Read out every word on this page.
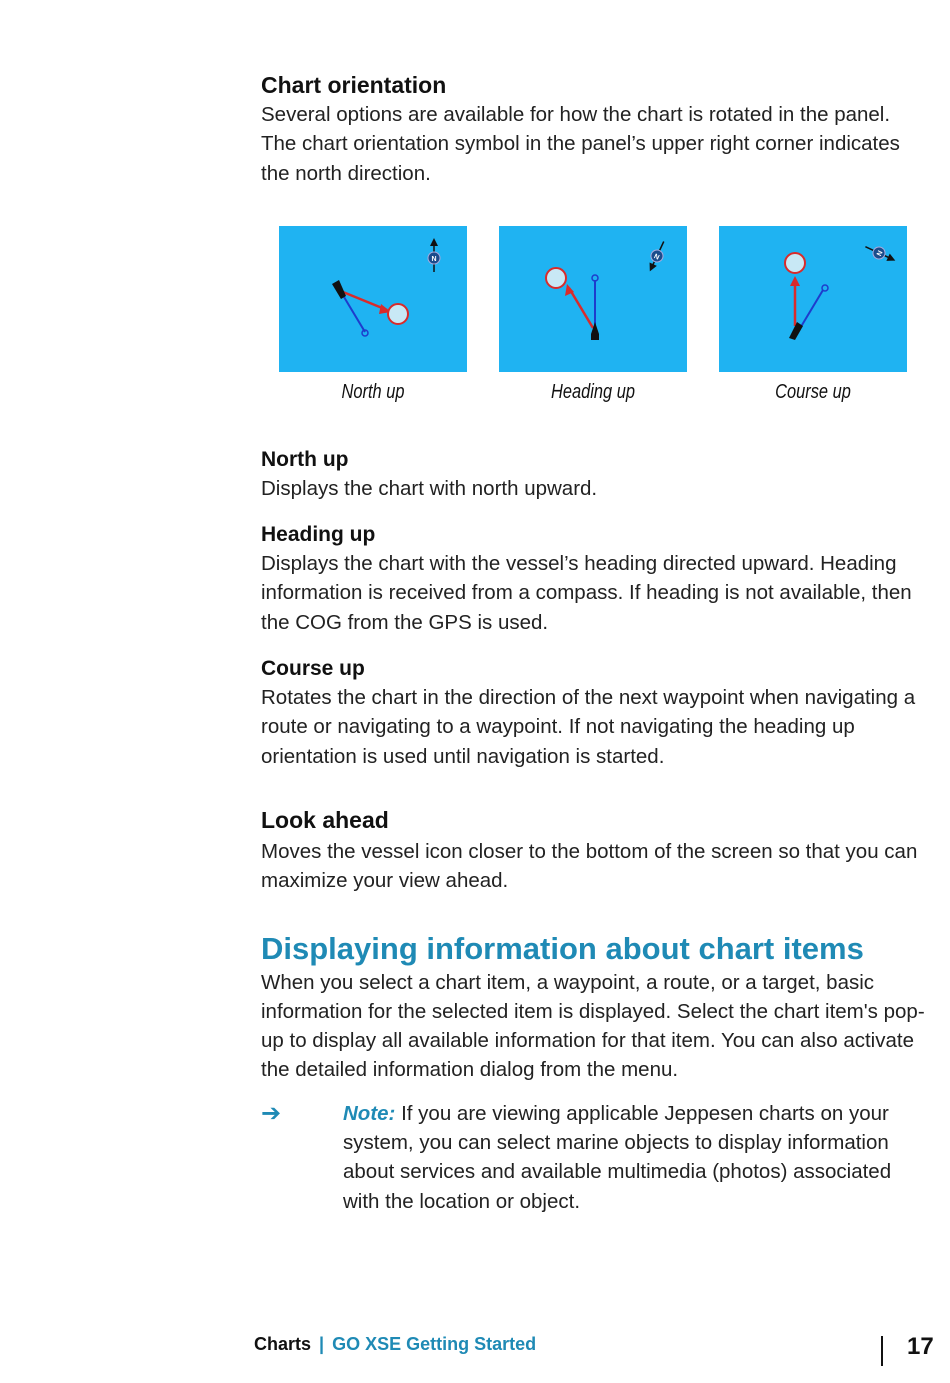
Chart orientation

Several options are available for how the chart is rotated in the panel. The chart orientation symbol in the panel’s upper right corner indicates the north direction.

N
North up
N
Heading up
N
Course up
North up

Displays the chart with north upward.

Heading up

Displays the chart with the vessel’s heading directed upward. Heading information is received from a compass. If heading is not available, then the COG from the GPS is used.

Course up

Rotates the chart in the direction of the next waypoint when navigating a route or navigating to a waypoint. If not navigating the heading up orientation is used until navigation is started.

Look ahead

Moves the vessel icon closer to the bottom of the screen so that you can maximize your view ahead.

Displaying information about chart items

When you select a chart item, a waypoint, a route, or a target, basic information for the selected item is displayed. Select the chart item's pop-up to display all available information for that item. You can also activate the detailed information dialog from the menu.

➔	Note: If you are viewing applicable Jeppesen charts on your system, you can select marine objects to display information about services and available multimedia (photos) associated with the location or object.

Charts | GO XSE Getting Started	17
